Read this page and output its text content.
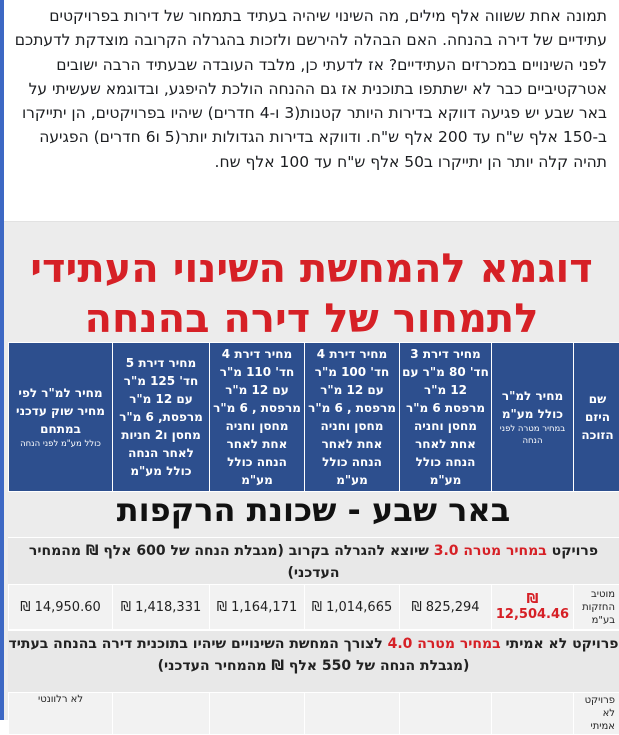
תמונה אחת ששווה אלף מילים, מה השינוי שיהיה בעתיד בתמחור של דירות בפרויקטים עתידיים של דירה בהנחה. האם הבהלה להירשם ולזכות בהגרלה הקרובה מוצדקת לדעתכם לפני השינויים במכרזים העתידיים? אז לדעתי כן, מלבד העובדה שבעתיד הרבה ישובים אטרקטיביים כבר לא ישתתפו בתוכנית אז גם ההנחה הולכת להיפגע, ובדוגמא שעשיתי על באר שבע יש פגיעה דווקא בדירות היותר קטנות(3 ו-4 חדרים) שיהיו בפרויקטים, הן יתייקרו ב-150 אלף ש"ח עד 200 אלף ש"ח. ודווקא בדירות הגדולות יותר(5 ו6 חדרים) הפגיעה תהיה קלה יותר הן יתייקרו ב50 אלף ש"ח עד 100 אלף שח.
דוגמא להמחשת השינוי העתידי
לתמחור של דירה בהנחה
שם היזם הזוכה	מחיר למ"ר כולל מע"מ
במחיר מטרה לפני הנחה
	מחיר דירת 3 חד' 80 מ"ר עם 12 מ"ר מרפסת 6 מ"ר מחסן וחניה אחת לאחר הנחה כולל מע"מ	מחיר דירת 4 חד' 100 מ"ר עם 12 מ"ר מרפסת , 6 מ"ר מחסן וחניה אחת לאחר הנחה כולל מע"מ	מחיר דירת 4 חד' 110 מ"ר עם 12 מ"ר מרפסת , 6 מ"ר מחסן וחניה אחת לאחר הנחה כולל מע"מ	מחיר דירת 5 חד' 125 מ"ר עם 12 מ"ר מרפסת, 6 מ"ר מחסן ו2 חניות לאחר הנחה כולל מע"מ	מחיר למ"ר לפי מחיר שוק עדכני במתחם
כולל מע"מ לפני הנחה
באר שבע - שכונת הרקפות
פרויקט במחיר מטרה 3.0 שיוצא להגרלה בקרוב (מגבלת הנחה של 600 אלף ₪ מהמחיר העדכני)
מוטיב החזקות בע"מ	₪ 12,504.46	₪ 825,294	₪ 1,014,665	₪ 1,164,171	₪ 1,418,331	₪ 14,950.60
פרויקט לא אמיתי במחיר מטרה 4.0 לצורך המחשת השינויים שיהיו בתוכנית דירה בהנחה בעתיד (מגבלת הנחה של 550 אלף ₪ מהמחיר העדכני)
פרויקט לא אמיתי						לא רלוונטי
